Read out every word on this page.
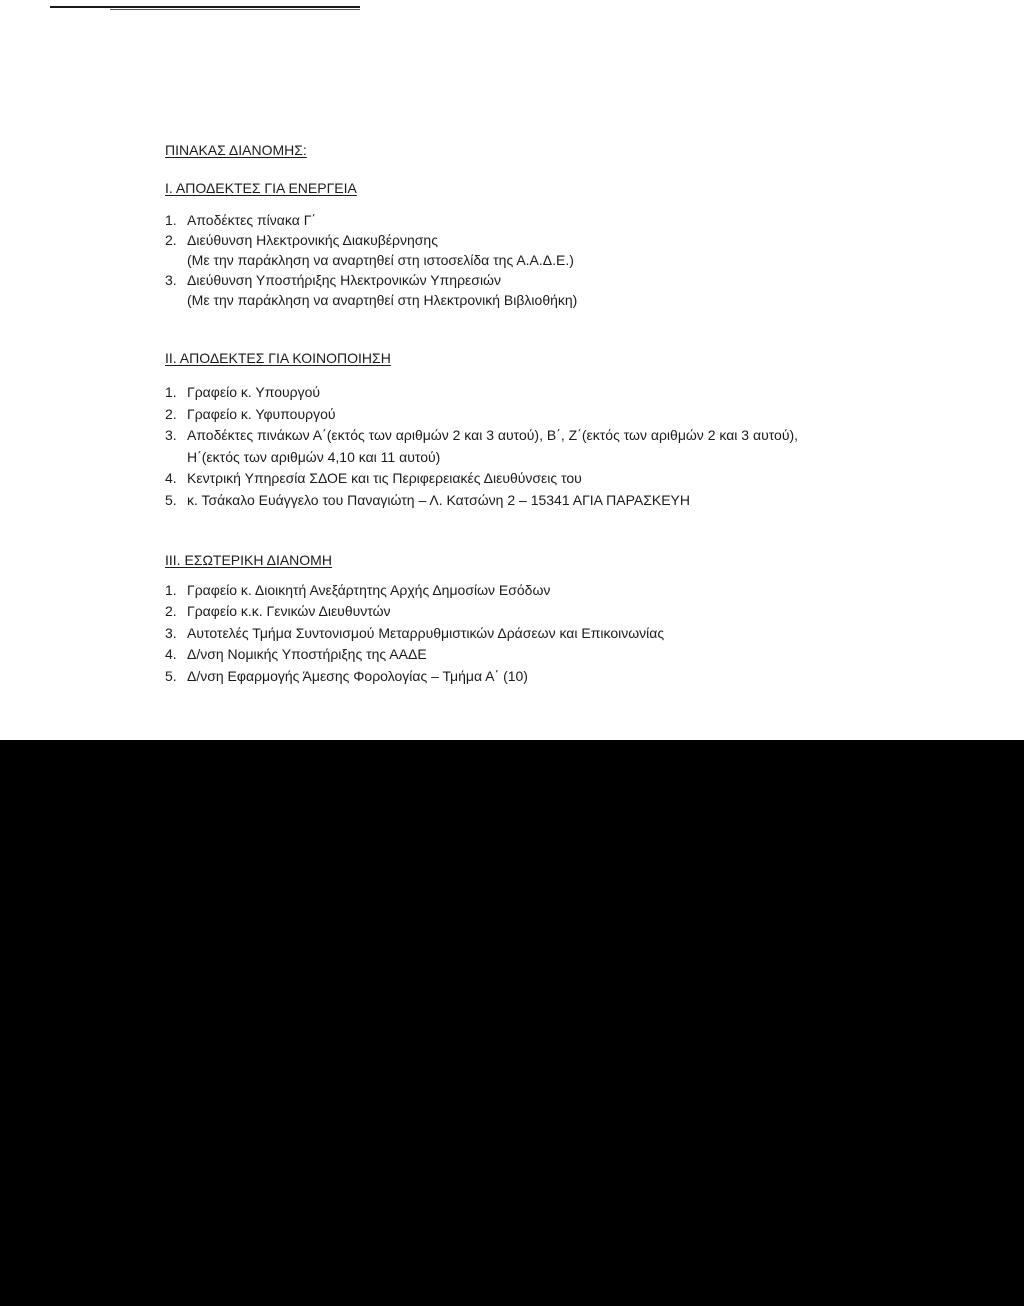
ΠΙΝΑΚΑΣ ΔΙΑΝΟΜΗΣ:
Ι. ΑΠΟΔΕΚΤΕΣ ΓΙΑ ΕΝΕΡΓΕΙΑ
1. Αποδέκτες πίνακα Γ΄
2. Διεύθυνση Ηλεκτρονικής Διακυβέρνησης
(Με την παράκληση να αναρτηθεί στη ιστοσελίδα της Α.Α.Δ.Ε.)
3. Διεύθυνση Υποστήριξης Ηλεκτρονικών Υπηρεσιών
(Με την παράκληση να αναρτηθεί στη Ηλεκτρονική Βιβλιοθήκη)
ΙΙ. ΑΠΟΔΕΚΤΕΣ ΓΙΑ ΚΟΙΝΟΠΟΙΗΣΗ
1. Γραφείο κ. Υπουργού
2. Γραφείο κ. Υφυπουργού
3. Αποδέκτες πινάκων Α΄(εκτός των αριθμών 2 και 3 αυτού), Β΄, Ζ΄(εκτός των αριθμών 2 και 3 αυτού),
Η΄(εκτός των αριθμών 4,10 και 11 αυτού)
4. Κεντρική Υπηρεσία ΣΔΟΕ και τις Περιφερειακές Διευθύνσεις του
5. κ. Τσάκαλο Ευάγγελο του Παναγιώτη – Λ. Κατσώνη 2 – 15341 ΑΓΙΑ ΠΑΡΑΣΚΕΥΗ
ΙΙΙ. ΕΣΩΤΕΡΙΚΗ ΔΙΑΝΟΜΗ
1. Γραφείο κ. Διοικητή Ανεξάρτητης Αρχής Δημοσίων Εσόδων
2. Γραφείο κ.κ. Γενικών Διευθυντών
3. Αυτοτελές Τμήμα Συντονισμού Μεταρρυθμιστικών Δράσεων και Επικοινωνίας
4. Δ/νση Νομικής Υποστήριξης της ΑΑΔΕ
5. Δ/νση Εφαρμογής Άμεσης Φορολογίας – Τμήμα Α΄ (10)
